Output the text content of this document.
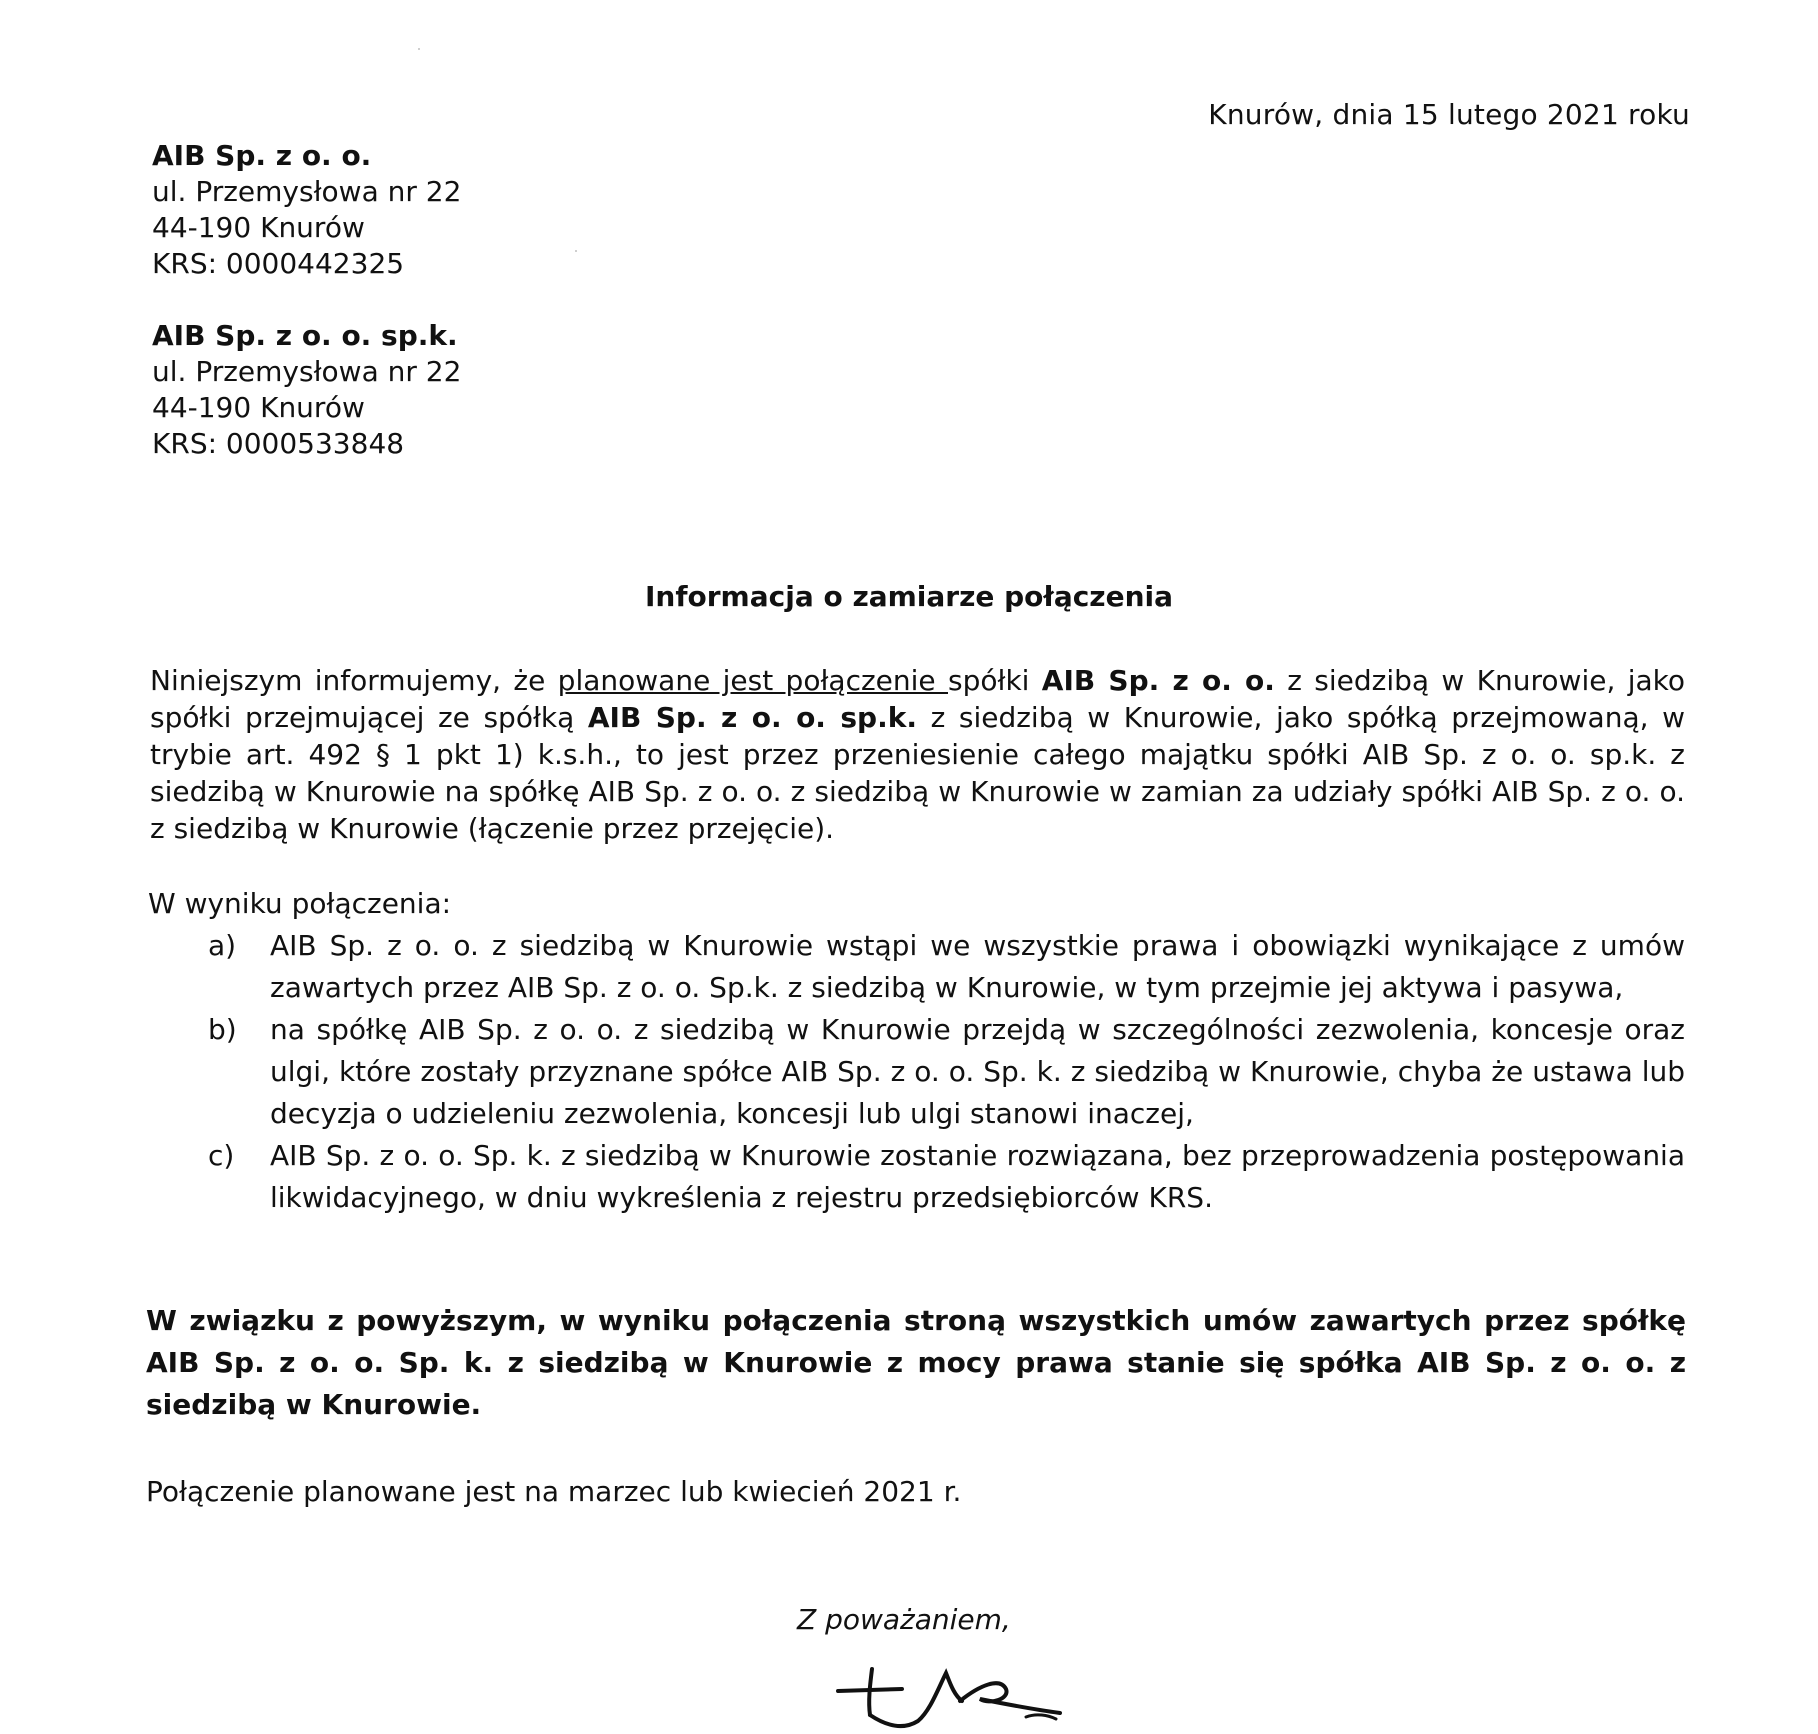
Knurów, dnia 15 lutego 2021 roku
AIB Sp. z o. o.
ul. Przemysłowa nr 22
44-190 Knurów
KRS: 0000442325
AIB Sp. z o. o. sp.k.
ul. Przemysłowa nr 22
44-190 Knurów
KRS: 0000533848
Informacja o zamiarze połączenia
Niniejszym informujemy, że planowane jest połączenie spółki AIB Sp. z o. o. z siedzibą w Knurowie, jako spółki przejmującej ze spółką AIB Sp. z o. o. sp.k. z siedzibą w Knurowie, jako spółką przejmowaną, w trybie art. 492 § 1 pkt 1) k.s.h., to jest przez przeniesienie całego majątku spółki AIB Sp. z o. o. sp.k. z siedzibą w Knurowie na spółkę AIB Sp. z o. o. z siedzibą w Knurowie w zamian za udziały spółki AIB Sp. z o. o. z siedzibą w Knurowie (łączenie przez przejęcie).
W wyniku połączenia:
a)	AIB Sp. z o. o. z siedzibą w Knurowie wstąpi we wszystkie prawa i obowiązki wynikające z umów zawartych przez AIB Sp. z o. o. Sp.k. z siedzibą w Knurowie, w tym przejmie jej aktywa i pasywa,
b)	na spółkę AIB Sp. z o. o. z siedzibą w Knurowie przejdą w szczególności zezwolenia, koncesje oraz ulgi, które zostały przyznane spółce AIB Sp. z o. o. Sp. k. z siedzibą w Knurowie, chyba że ustawa lub decyzja o udzieleniu zezwolenia, koncesji lub ulgi stanowi inaczej,
c)	AIB Sp. z o. o. Sp. k. z siedzibą w Knurowie zostanie rozwiązana, bez przeprowadzenia postępowania likwidacyjnego, w dniu wykreślenia z rejestru przedsiębiorców KRS.
W związku z powyższym, w wyniku połączenia stroną wszystkich umów zawartych przez spółkę AIB Sp. z o. o. Sp. k. z siedzibą w Knurowie z mocy prawa stanie się spółka AIB Sp. z o. o. z siedzibą w Knurowie.
Połączenie planowane jest na marzec lub kwiecień 2021 r.
Z poważaniem,
